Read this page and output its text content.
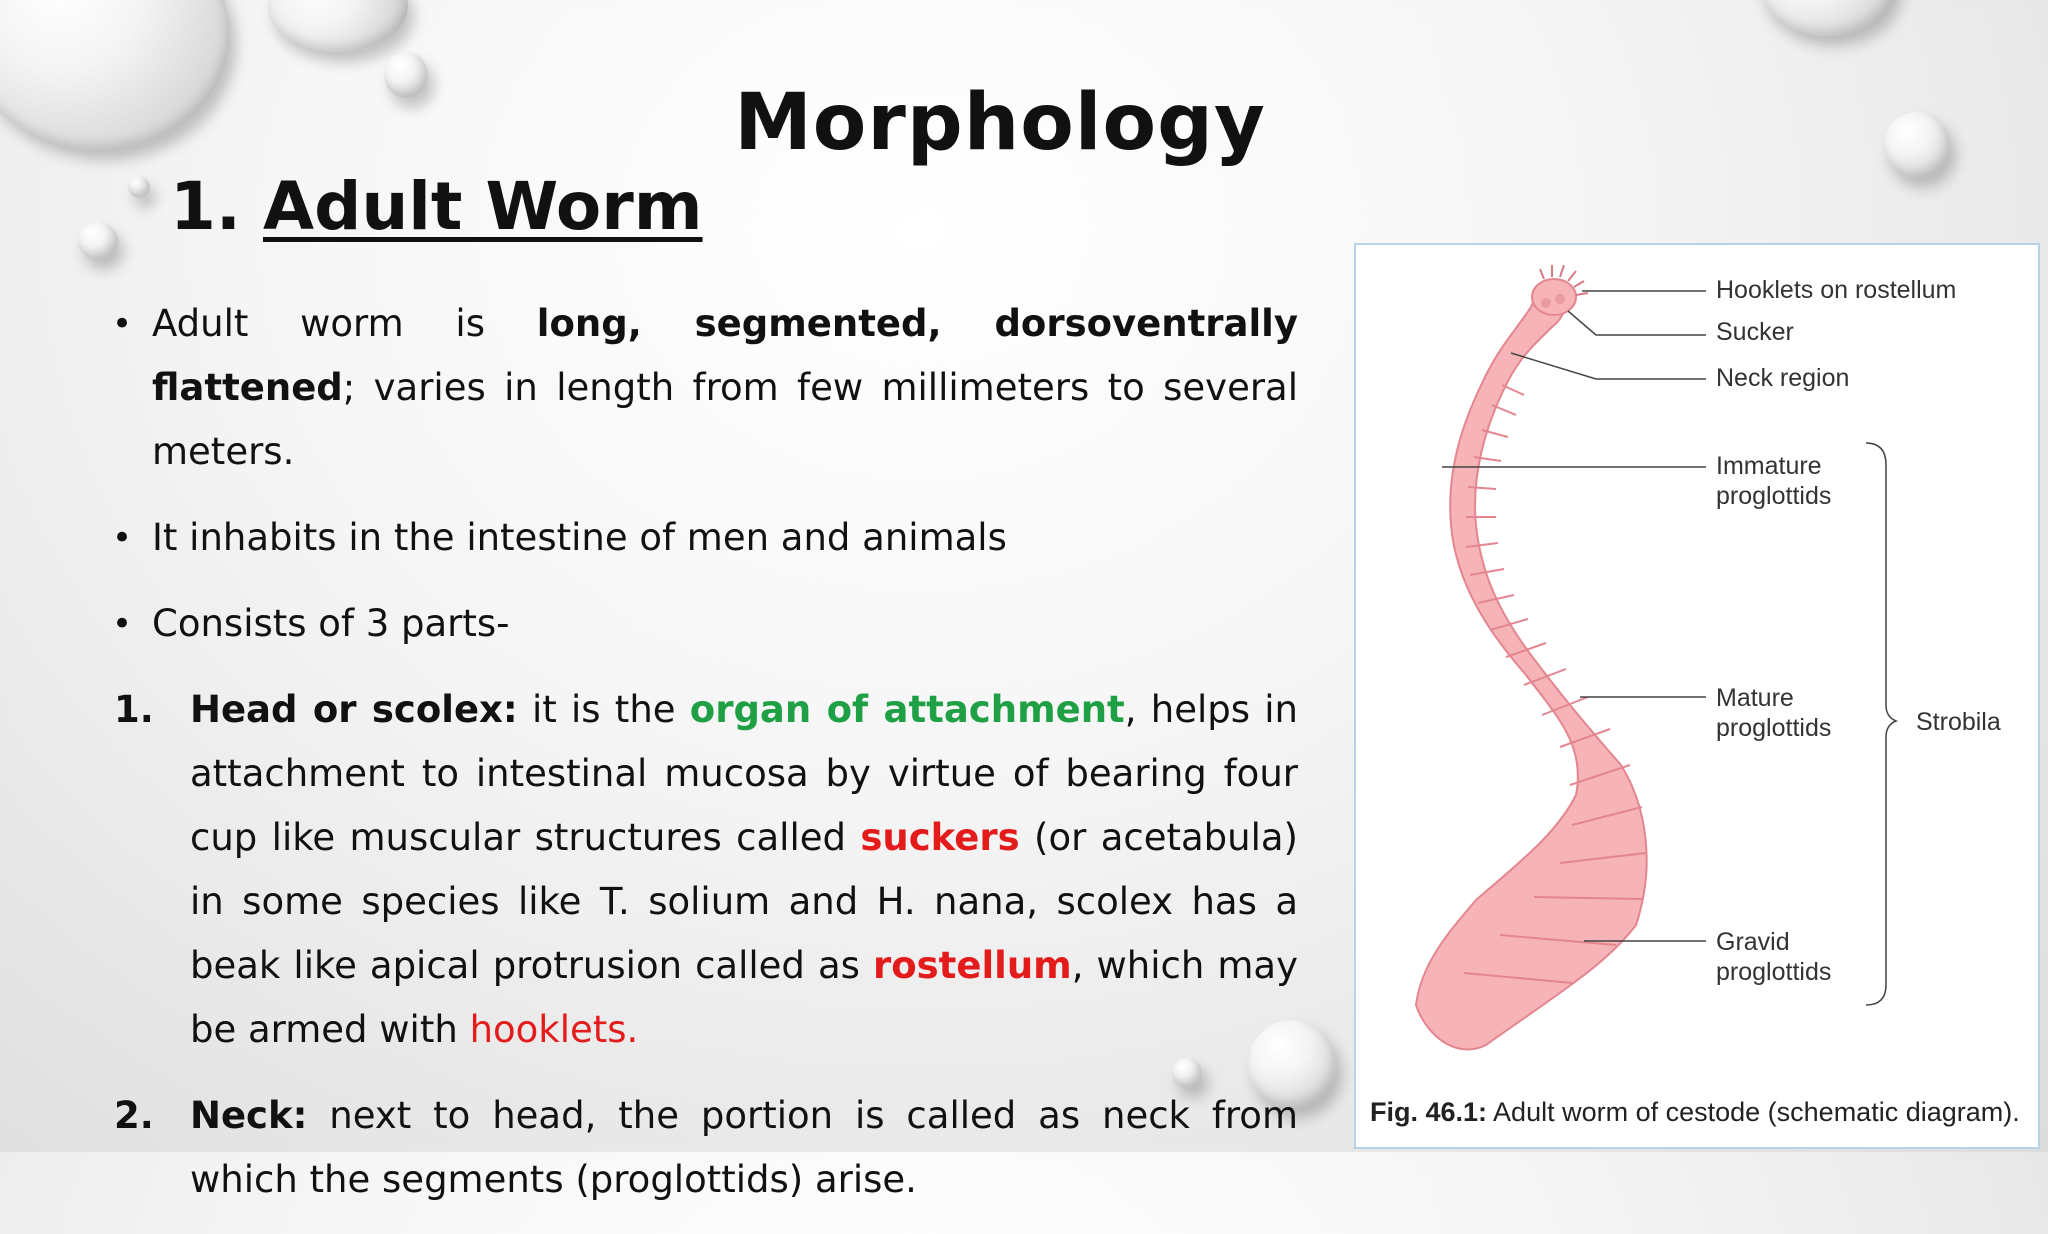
Morphology
1. Adult Worm

• Adult worm is long, segmented, dorsoventrally flattened; varies in length from few millimeters to several meters.

• It inhabits in the intestine of men and animals

• Consists of 3 parts-

1. Head or scolex: it is the organ of attachment, helps in attachment to intestinal mucosa by virtue of bearing four cup like muscular structures called suckers (or acetabula) in some species like T. solium and H. nana, scolex has a beak like apical protrusion called as rostellum, which may be armed with hooklets.

2. Neck: next to head, the portion is called as neck from which the segments (proglottids) arise.

Hooklets on rostellum
Sucker
Neck region
Immature
proglottids
Mature
proglottids
Gravid
proglottids
Strobila
Fig. 46.1: Adult worm of cestode (schematic diagram).
